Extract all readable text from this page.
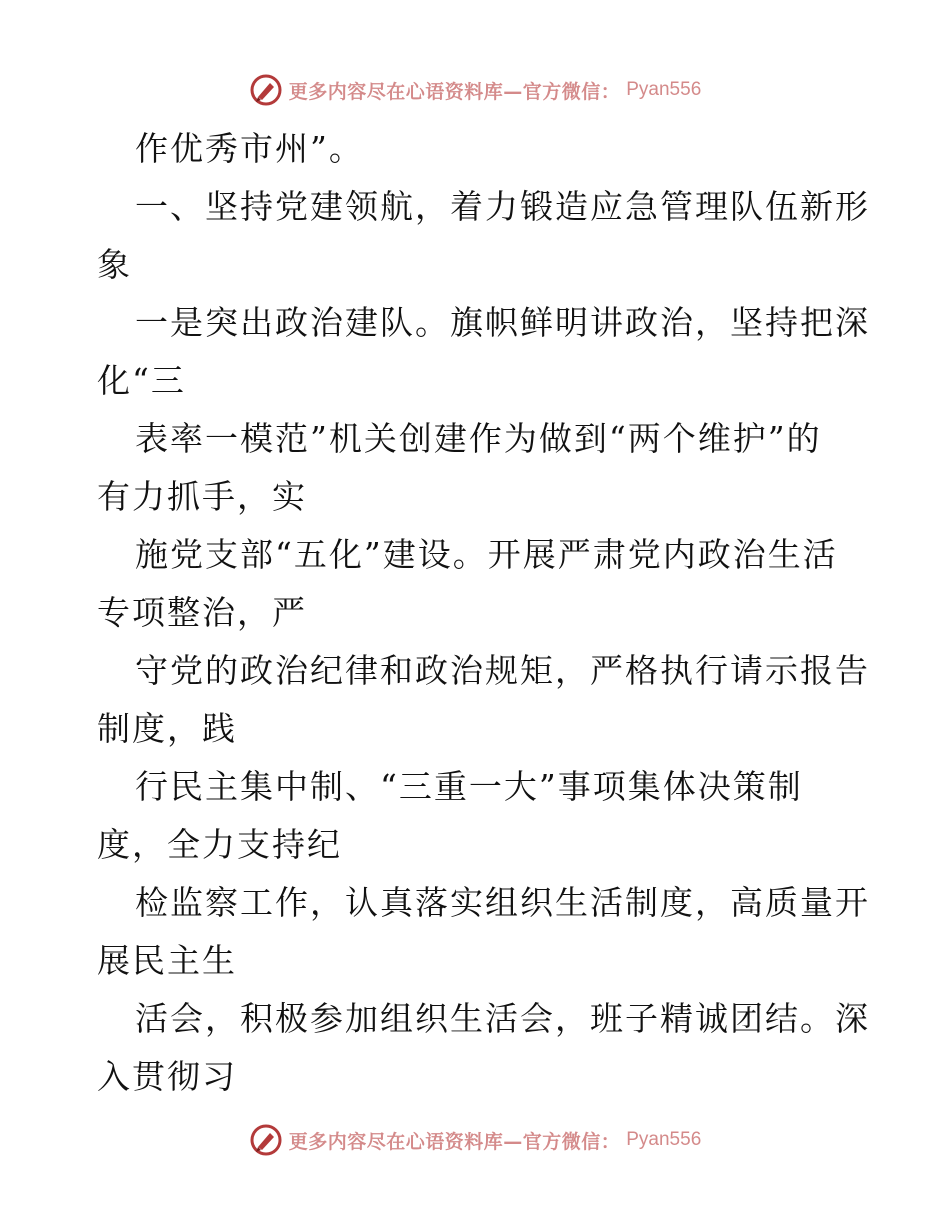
更多内容尽在心语资料库—官方微信： Pyan556
作优秀市州”。
一、坚持党建领航，着力锻造应急管理队伍新形
象
一是突出政治建队。旗帜鲜明讲政治，坚持把深
化“三
表率一模范”机关创建作为做到“两个维护”的
有力抓手，实
施党支部“五化”建设。开展严肃党内政治生活
专项整治，严
守党的政治纪律和政治规矩，严格执行请示报告
制度，践
行民主集中制、“三重一大”事项集体决策制
度，全力支持纪
检监察工作，认真落实组织生活制度，高质量开
展民主生
活会，积极参加组织生活会，班子精诚团结。深
入贯彻习
更多内容尽在心语资料库—官方微信： Pyan556
